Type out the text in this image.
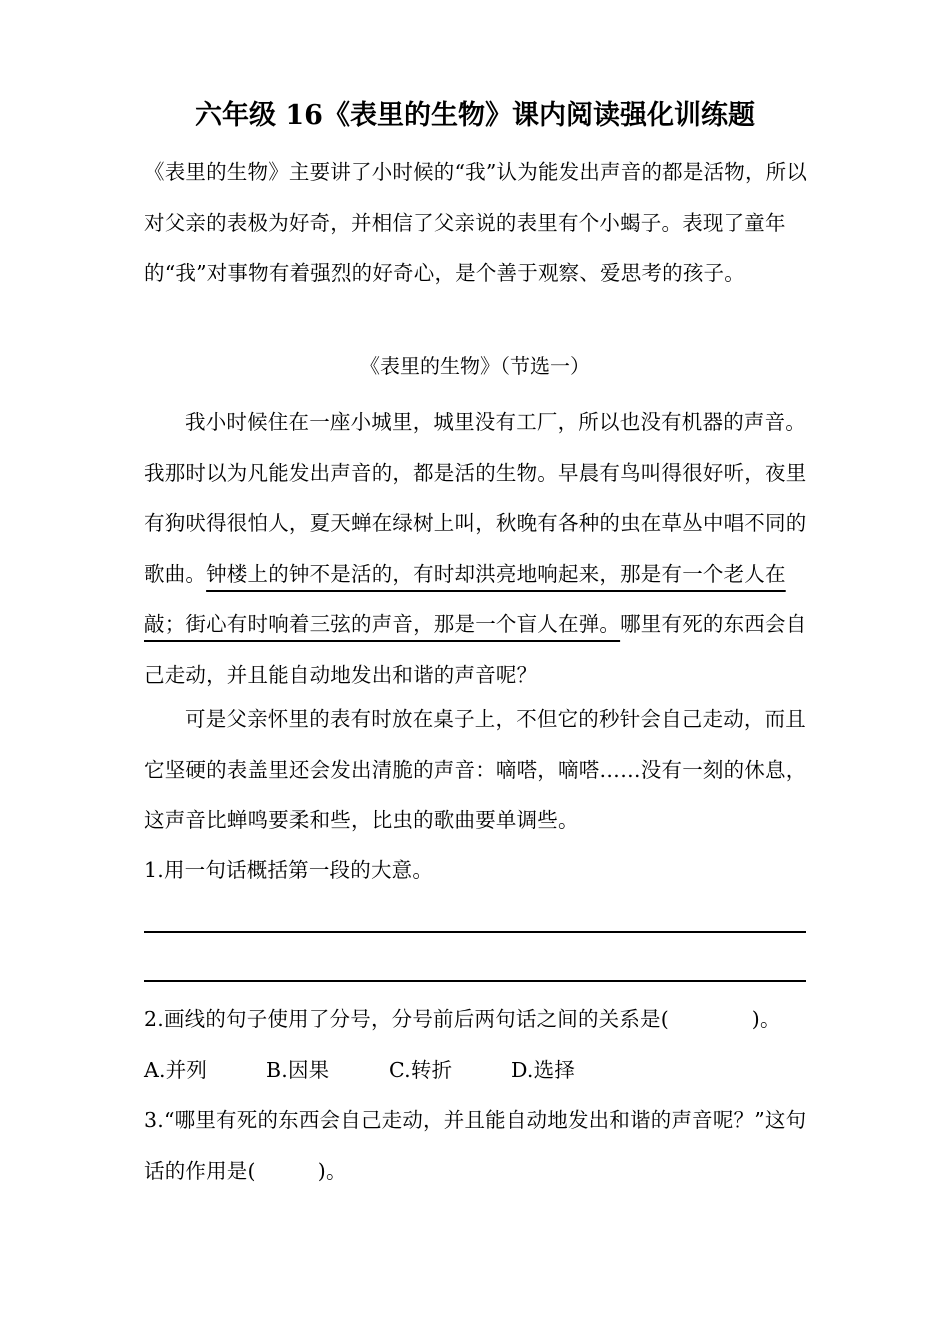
六年级 16《表里的生物》课内阅读强化训练题
《表里的生物》主要讲了小时候的“我”认为能发出声音的都是活物，所以对父亲的表极为好奇，并相信了父亲说的表里有个小蝎子。表现了童年的“我”对事物有着强烈的好奇心，是个善于观察、爱思考的孩子。
《表里的生物》（节选一）
我小时候住在一座小城里，城里没有工厂，所以也没有机器的声音。我那时以为凡能发出声音的，都是活的生物。早晨有鸟叫得很好听，夜里有狗吠得很怕人，夏天蝉在绿树上叫，秋晚有各种的虫在草丛中唱不同的歌曲。钟楼上的钟不是活的，有时却洪亮地响起来，那是有一个老人在敲；街心有时响着三弦的声音，那是一个盲人在弹。哪里有死的东西会自己走动，并且能自动地发出和谐的声音呢？
可是父亲怀里的表有时放在桌子上，不但它的秒针会自己走动，而且它坚硬的表盖里还会发出清脆的声音：嘀嗒，嘀嗒……没有一刻的休息，这声音比蝉鸣要柔和些，比虫的歌曲要单调些。
1.用一句话概括第一段的大意。
2.画线的句子使用了分号，分号前后两句话之间的关系是(　　　　)。
A.并列	B.因果	C.转折	D.选择
3.“哪里有死的东西会自己走动，并且能自动地发出和谐的声音呢？”这句话的作用是(　　　)。
